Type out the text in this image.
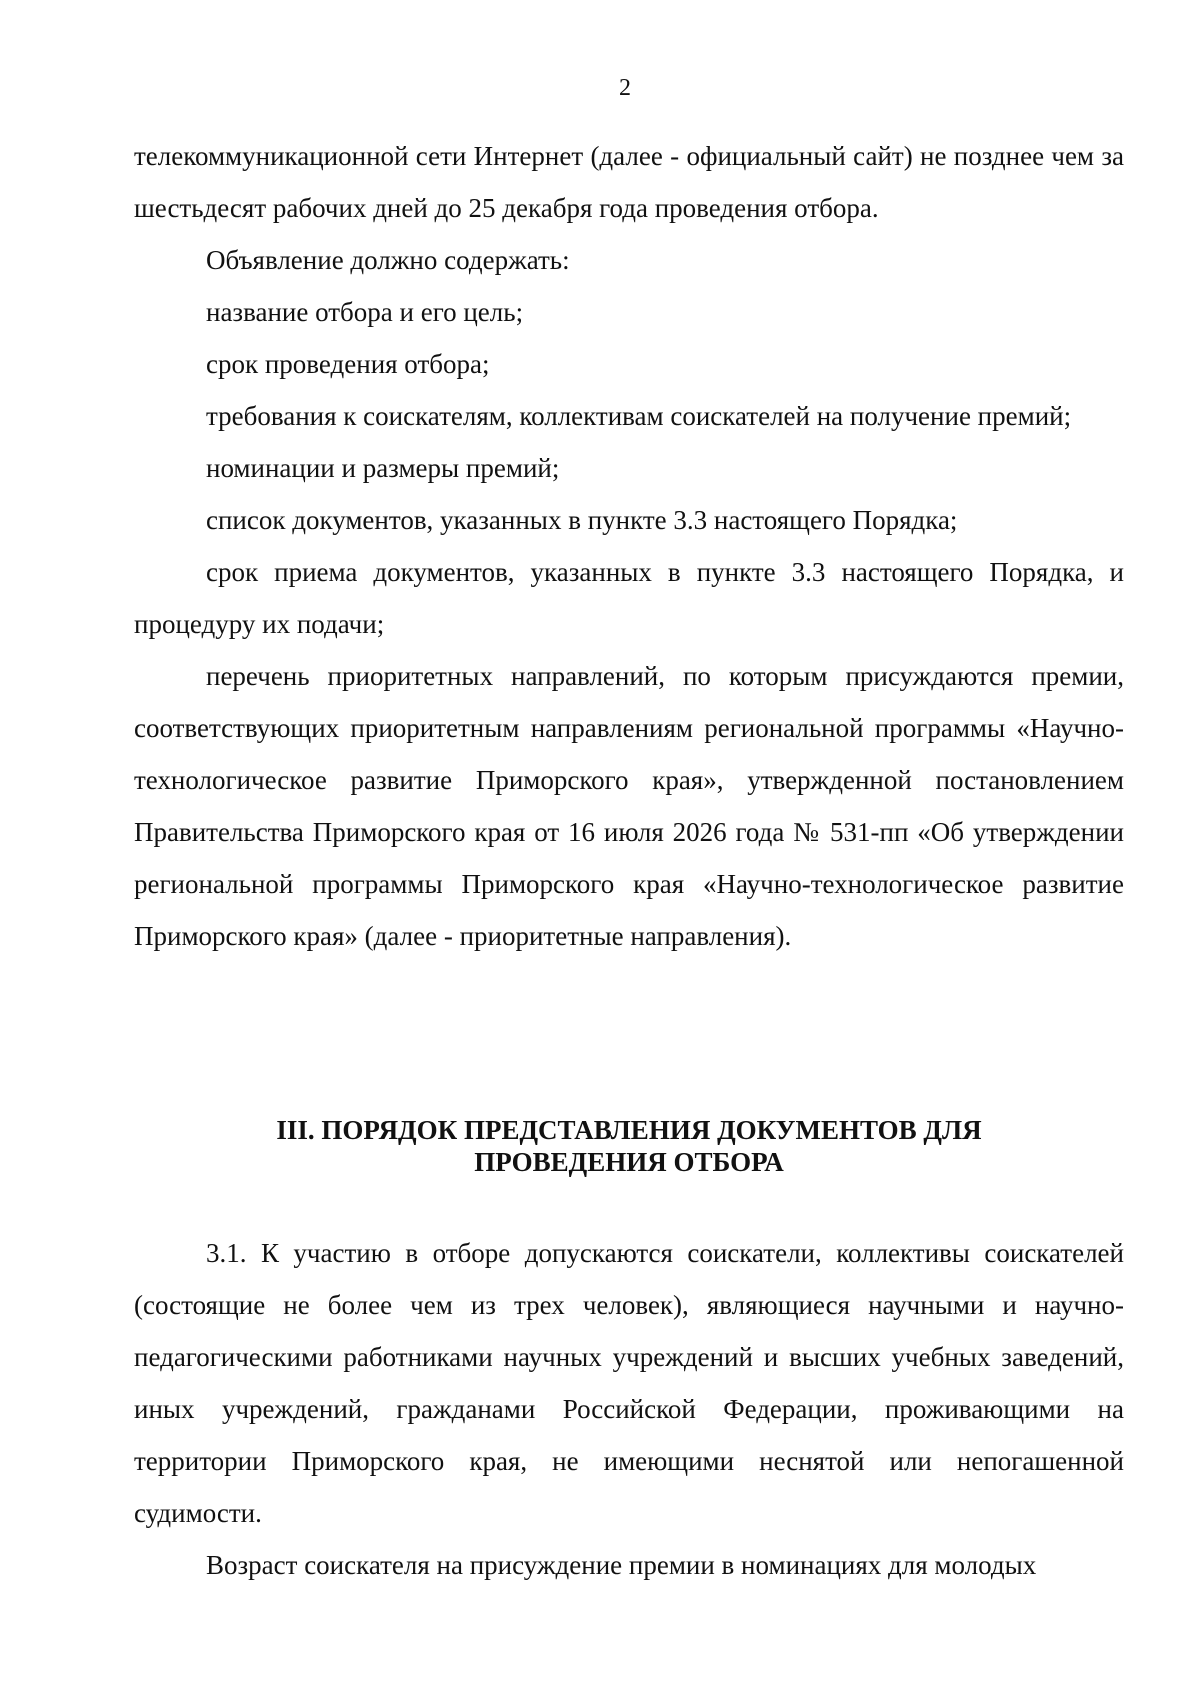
2

телекоммуникационной сети Интернет (далее - официальный сайт) не позднее чем за шестьдесят рабочих дней до 25 декабря года проведения отбора.

Объявление должно содержать:

название отбора и его цель;

срок проведения отбора;

требования к соискателям, коллективам соискателей на получение премий;

номинации и размеры премий;

список документов, указанных в пункте 3.3 настоящего Порядка;

срок приема документов, указанных в пункте 3.3 настоящего Порядка, и процедуру их подачи;

перечень приоритетных направлений, по которым присуждаются премии, соответствующих приоритетным направлениям региональной программы «Научно-технологическое развитие Приморского края», утвержденной постановлением Правительства Приморского края от 16 июля 2026 года № 531-пп «Об утверждении региональной программы Приморского края «Научно-технологическое развитие Приморского края» (далее - приоритетные направления).

III. ПОРЯДОК ПРЕДСТАВЛЕНИЯ ДОКУМЕНТОВ ДЛЯ
ПРОВЕДЕНИЯ ОТБОРА

3.1. К участию в отборе допускаются соискатели, коллективы соискателей (состоящие не более чем из трех человек), являющиеся научными и научно-педагогическими работниками научных учреждений и высших учебных заведений, иных учреждений, гражданами Российской Федерации, проживающими на территории Приморского края, не имеющими неснятой или непогашенной судимости.

Возраст соискателя на присуждение премии в номинациях для молодых
